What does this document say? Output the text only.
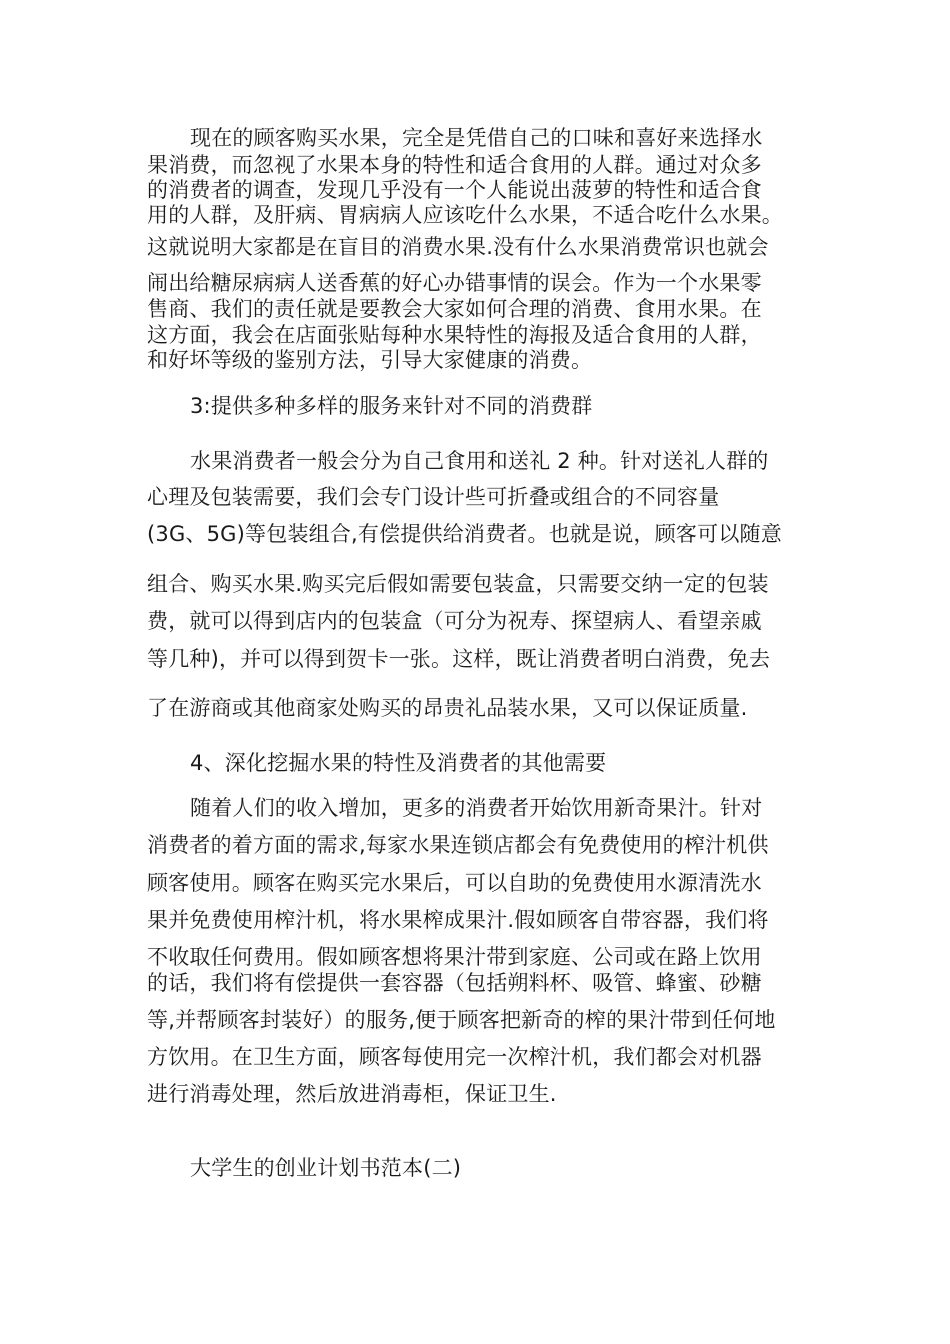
现在的顾客购买水果，完全是凭借自己的口味和喜好来选择水
果消费，而忽视了水果本身的特性和适合食用的人群。通过对众多
的消费者的调查，发现几乎没有一个人能说出菠萝的特性和适合食
用的人群，及肝病、胃病病人应该吃什么水果，不适合吃什么水果。
这就说明大家都是在盲目的消费水果.没有什么水果消费常识也就会
闹出给糖尿病病人送香蕉的好心办错事情的误会。作为一个水果零
售商、我们的责任就是要教会大家如何合理的消费、食用水果。在
这方面，我会在店面张贴每种水果特性的海报及适合食用的人群，
和好坏等级的鉴别方法，引导大家健康的消费。
3:提供多种多样的服务来针对不同的消费群
水果消费者一般会分为自己食用和送礼 2 种。针对送礼人群的
心理及包装需要，我们会专门设计些可折叠或组合的不同容量
(3G、5G)等包装组合,有偿提供给消费者。也就是说，顾客可以随意
组合、购买水果.购买完后假如需要包装盒，只需要交纳一定的包装
费，就可以得到店内的包装盒（可分为祝寿、探望病人、看望亲戚
等几种)，并可以得到贺卡一张。这样，既让消费者明白消费，免去
了在游商或其他商家处购买的昂贵礼品装水果，又可以保证质量.
4、深化挖掘水果的特性及消费者的其他需要
随着人们的收入增加，更多的消费者开始饮用新奇果汁。针对
消费者的着方面的需求,每家水果连锁店都会有免费使用的榨汁机供
顾客使用。顾客在购买完水果后，可以自助的免费使用水源清洗水
果并免费使用榨汁机，将水果榨成果汁.假如顾客自带容器，我们将
不收取任何费用。假如顾客想将果汁带到家庭、公司或在路上饮用
的话，我们将有偿提供一套容器（包括朔料杯、吸管、蜂蜜、砂糖
等,并帮顾客封装好）的服务,便于顾客把新奇的榨的果汁带到任何地
方饮用。在卫生方面，顾客每使用完一次榨汁机，我们都会对机器
进行消毒处理，然后放进消毒柜，保证卫生.
大学生的创业计划书范本(二)
